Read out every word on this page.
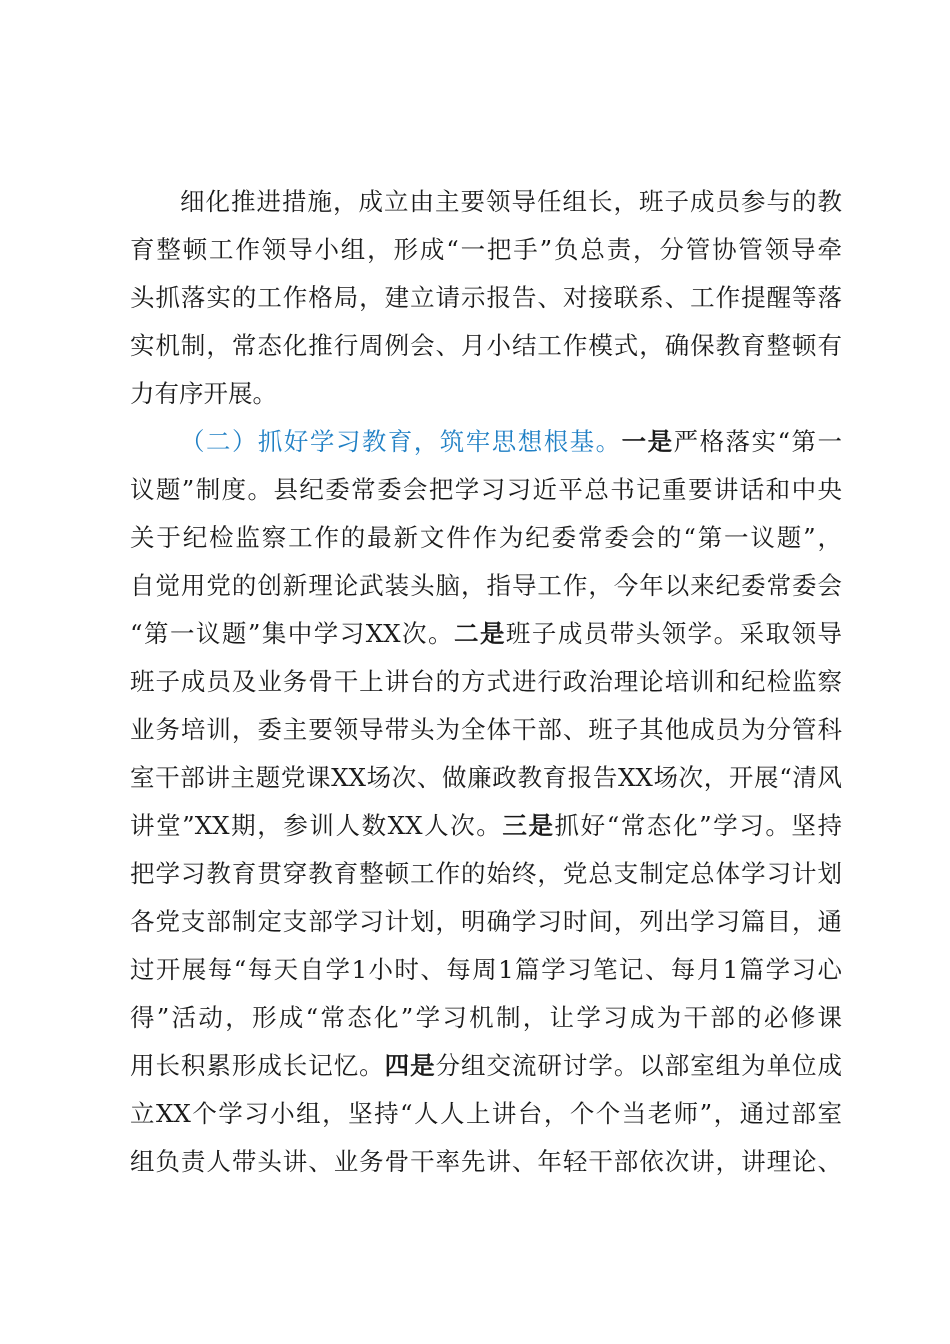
细化推进措施，成立由主要领导任组长，班子成员参与的教
育整顿工作领导小组，形成“一把手”负总责，分管协管领导牵
头抓落实的工作格局，建立请示报告、对接联系、工作提醒等落
实机制，常态化推行周例会、月小结工作模式，确保教育整顿有
力有序开展。
（二）抓好学习教育，筑牢思想根基。一是严格落实“第一
议题”制度。县纪委常委会把学习习近平总书记重要讲话和中央
关于纪检监察工作的最新文件作为纪委常委会的“第一议题”，
自觉用党的创新理论武装头脑，指导工作，今年以来纪委常委会
“第一议题”集中学习XX次。二是班子成员带头领学。采取领导
班子成员及业务骨干上讲台的方式进行政治理论培训和纪检监察
业务培训，委主要领导带头为全体干部、班子其他成员为分管科
室干部讲主题党课XX场次、做廉政教育报告XX场次，开展“清风
讲堂”XX期，参训人数XX人次。三是抓好“常态化”学习。坚持
把学习教育贯穿教育整顿工作的始终，党总支制定总体学习计划
各党支部制定支部学习计划，明确学习时间，列出学习篇目，通
过开展每“每天自学1小时、每周1篇学习笔记、每月1篇学习心
得”活动，形成“常态化”学习机制，让学习成为干部的必修课
用长积累形成长记忆。四是分组交流研讨学。以部室组为单位成
立XX个学习小组，坚持“人人上讲台，个个当老师”，通过部室
组负责人带头讲、业务骨干率先讲、年轻干部依次讲，讲理论、
